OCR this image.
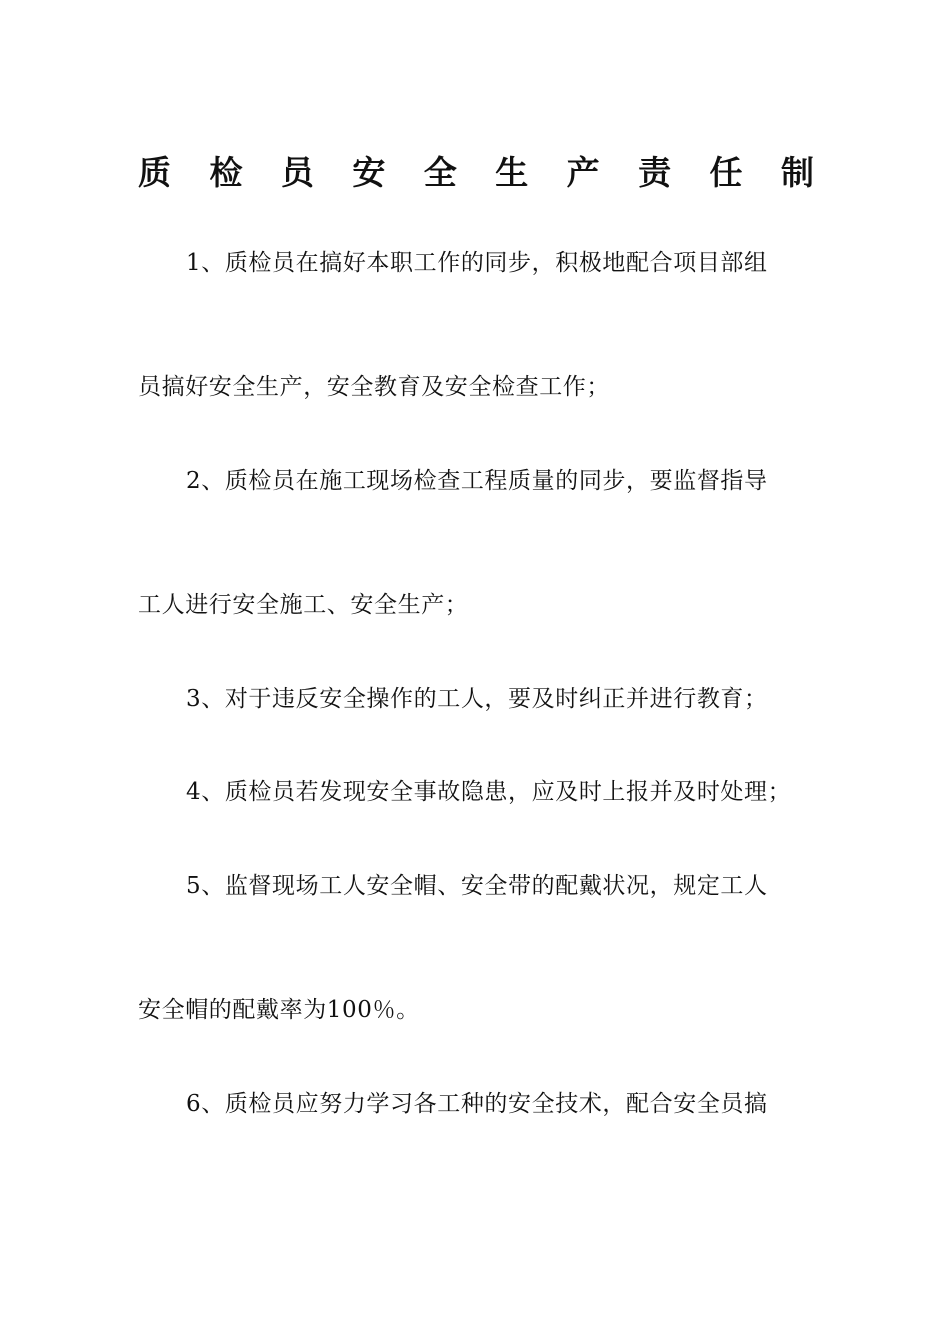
质 检 员 安 全 生 产 责 任 制
1、质检员在搞好本职工作的同步，积极地配合项目部组
员搞好安全生产，安全教育及安全检查工作；
2、质检员在施工现场检查工程质量的同步，要监督指导
工人进行安全施工、安全生产；
3、对于违反安全操作的工人，要及时纠正并进行教育；
4、质检员若发现安全事故隐患，应及时上报并及时处理；
5、监督现场工人安全帽、安全带的配戴状况，规定工人
安全帽的配戴率为100％。
6、质检员应努力学习各工种的安全技术，配合安全员搞
